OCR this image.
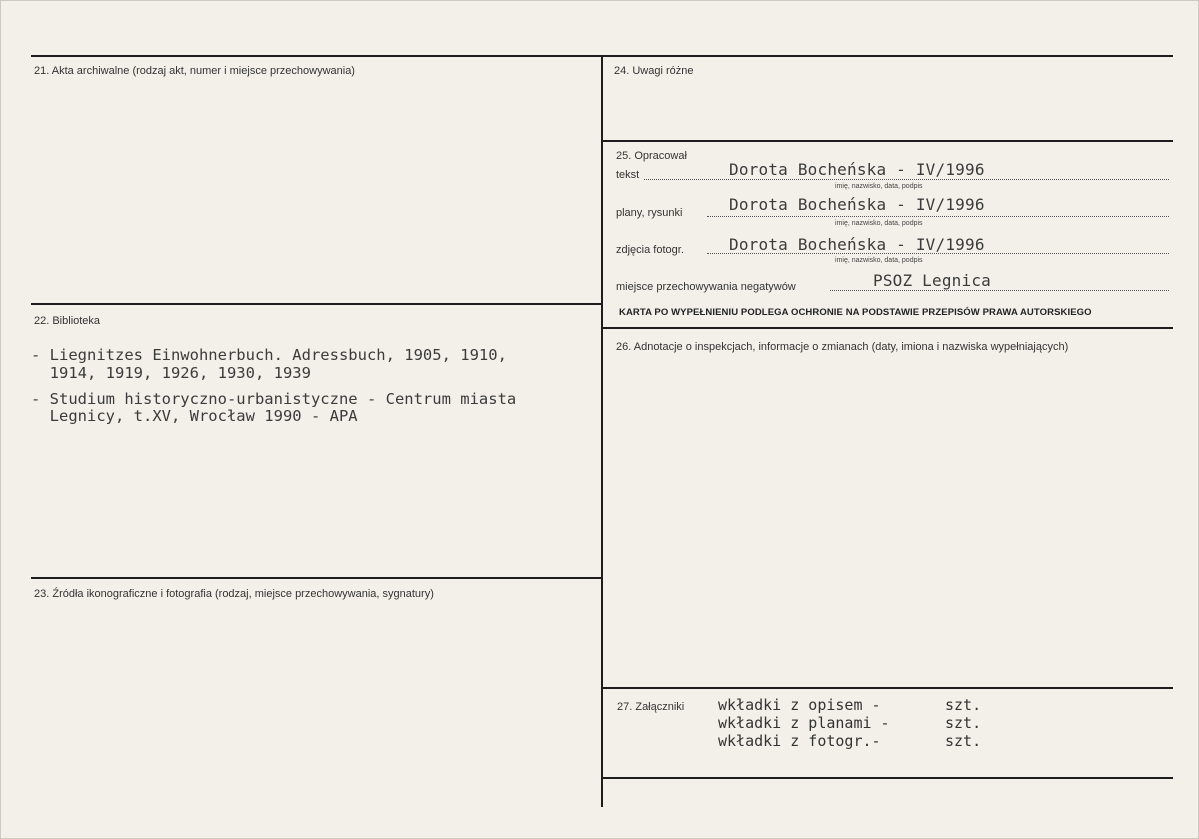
21. Akta archiwalne (rodzaj akt, numer i miejsce przechowywania)
22. Biblioteka
23. Źródła ikonograficzne i fotografia (rodzaj, miejsce przechowywania, sygnatury)
24. Uwagi różne
25. Opracował
26. Adnotacje o inspekcjach, informacje o zmianach (daty, imiona i nazwiska wypełniających)
27. Załączniki
- Liegnitzes Einwohnerbuch. Adressbuch, 1905, 1910,
1914, 1919, 1926, 1930, 1939
- Studium historyczno-urbanistyczne - Centrum miasta
Legnicy, t.XV, Wrocław 1990 - APA
tekst	Dorota Bocheńska - IV/1996
imię, nazwisko, data, podpis
plany, rysunki	Dorota Bocheńska - IV/1996
imię, nazwisko, data, podpis
zdjęcia fotogr.	Dorota Bocheńska - IV/1996
imię, nazwisko, data, podpis
miejsce przechowywania negatywów	PSOZ Legnica
KARTA PO WYPEŁNIENIU PODLEGA OCHRONIE NA PODSTAWIE PRZEPISÓW PRAWA AUTORSKIEGO
wkładki z opisem -	szt.
wkładki z planami -	szt.
wkładki z fotogr.-	szt.
